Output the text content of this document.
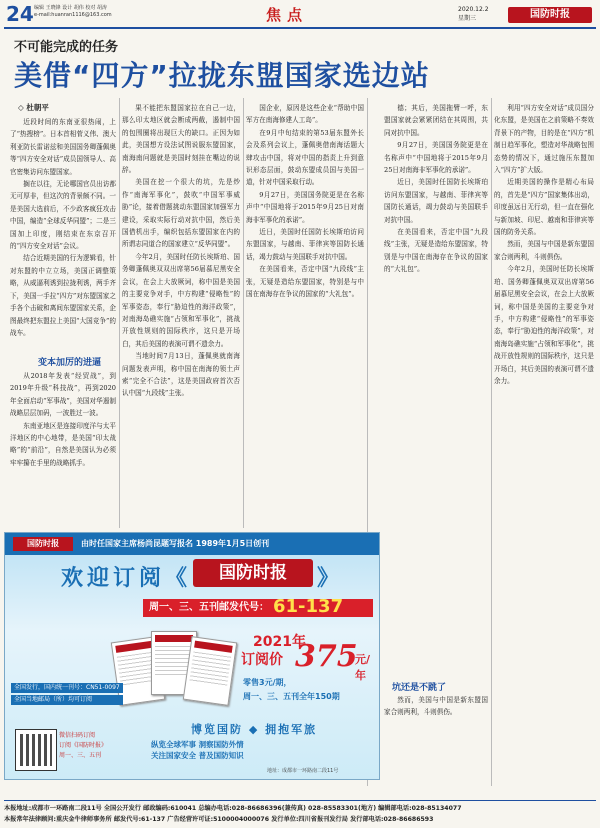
24 编辑 王晓锋 设计 胡伟 校对 胡涛
e-mail:huanran1116@163.com	焦点	2020.12.2
星期三	国防时报
不可能完成的任务
美借“四方”拉拢东盟国家选边站
◇ 杜朝平

近段时间的东南亚很热闹，上了“热搜榜”。日本首相菅义伟、澳大利亚防长雷诺兹和美国国务卿蓬佩奥等“四方安全对话”成员国领导人、高官密集访问东盟国家。

搁在以往，无论哪国官员出访都无可厚非，但这次的背景颇不同。一是美国大选前后，不少政客疯狂攻击中国，编造“全球反华同盟”；二是三国加上印度，刚结束在东京召开的“四方安全对话”会议。

结合近期美国的行为逻辑看，针对东盟的中立立场，美国正调整策略，从威逼利诱到拉拢利诱，两手齐下，美国一手拉“四方”对东盟国家之手各个击破和离间东盟国家关系，企图最终把东盟拉上美国“大国竞争”的战车。

变本加厉的进逼

从2018年发表“经贸战”，到2019年升级“科技战”，再到2020年全面启动“军事战”，美国对华遏制战略层层加码，一波胜过一波。

东南亚地区是连接印度洋与太平洋地区的中心地带，是美国“印太战略”的“前沿”，自然是美国认为必须牢牢攥在手里的战略抓手。

果不能把东盟国家拉在自己一边，那么印太地区就会断成两截，遏制中国的包围圈将出现巨大的缺口。正因为如此，美国想方设法试图说服东盟国家，南海南问题就是美国时刻挂在嘴边的说辞。

美国在挖一个很大的坑，先是炒作“南海军事化”，鼓吹“中国军事威胁”论，接着借题挑动东盟国家加强军力建设，采取实际行动对抗中国，然后美国借机出手，编织包括东盟国家在内的所谓志同道合的国家建立“反华同盟”。

今年2月，美国时任防长埃斯珀、国务卿蓬佩奥双双出席第56届慕尼黑安全会议，在会上大放厥词，称中国是美国的主要竞争对手，中方构建“侵略性”的军事姿态，奉行“胁迫性的海洋政策”，对南海岛礁实施“占领和军事化”，挑战开放性规则的国际秩序，这只是开场白，其后美国的表演可谓不遗余力。

当地时间7月13日，蓬佩奥就南海问题发表声明，称中国在南海的领土声索“完全不合法”，这是美国政府首次否认中国“九段线”主张。

国企业，原因是这些企业“帮助中国军方在南海修建人工岛”。

在9月中旬结束的第53届东盟外长会及系列会议上，蓬佩奥借南海话题大肆攻击中国，将对中国的指责上升到意识形态层面，鼓动东盟成员国与美国一道，针对中国采取行动。

9月27日，美国国务院更是在名称声中“中国地将于2015年9月25日对南海非军事化的承诺”。

近日，美国时任国防长埃斯珀访问东盟国家，与越南、菲律宾等国防长通话，竭力鼓动与美国联手对抗中国。

在美国看来，否定中国“九段线”主张，无疑是造给东盟国家，特别是与中国在南海存在争议的国家的“大礼包”。

德；其后，美国拖臂一呼，东盟国家就会紧紧团结在其周围，共同对抗中国。

9月27日，美国国务院更是在名称声中“中国地将于2015年9月25日对南海非军事化的承诺”。

近日，美国时任国防长埃斯珀访问东盟国家，与越南、菲律宾等国防长通话，竭力鼓动与美国联手对抗中国。

在美国看来，否定中国“九段线”主张，无疑是造给东盟国家，特别是与中国在南海存在争议的国家的“大礼包”。

坑还是不跳了

然而，美国与中国是新东盟国家合则两利，斗则俱伤。

利用“四方安全对话”成员国分化东盟，是美国在之前策略不奏效背景下的产物，目的是在“四方”机制日趋军事化，塑造对华战略包围态势的情况下，通过施压东盟加入“四方”扩大版。

近期美国的操作是精心布局的，首先是“四方”国家集体出动，印度虽远日无行动，但一直在强化与新加坡、印尼、越南和菲律宾等国的防务关系。

然而，美国与中国是新东盟国家合则两利，斗则俱伤。

今年2月，美国时任防长埃斯珀、国务卿蓬佩奥双双出席第56届慕尼黑安全会议，在会上大放厥词，称中国是美国的主要竞争对手，中方构建“侵略性”的军事姿态，奉行“胁迫性的海洋政策”，对南海岛礁实施“占领和军事化”，挑战开放性规则的国际秩序，这只是开场白，其后美国的表演可谓不遗余力。

国防时报	由时任国家主席杨尚昆题写报名 1989年1月5日创刊
欢迎订阅《	国防时报	》
周一、三、五刊邮发代号： 61-137
2021年
订阅价 375
元/年
零售3元/期，
周一、三、五刊全年150期
全国发行，国内统一刊号：CN51-0097
全国当地邮局（所）均可订阅
博览国防 ◆ 拥抱军旅
纵览全球军事 洞察国防外情
关注国家安全 普及国防知识
微信扫码订阅
订阅《国防时报》
周一、三、五刊
地址：成都市一环路南二段11号
本报地址:成都市一环路南二段11号 全国公开发行 邮政编码:610041 总编办电话:028-86686396(兼传真) 028-85583301(地方) 编辑部电话:028-85134077
本报常年法律顾问:重庆金牛律师事务所 邮发代号:61-137 广告经营许可证:5100004000076 发行单位:四川省报刊发行局 发行部电话:028-86686593
